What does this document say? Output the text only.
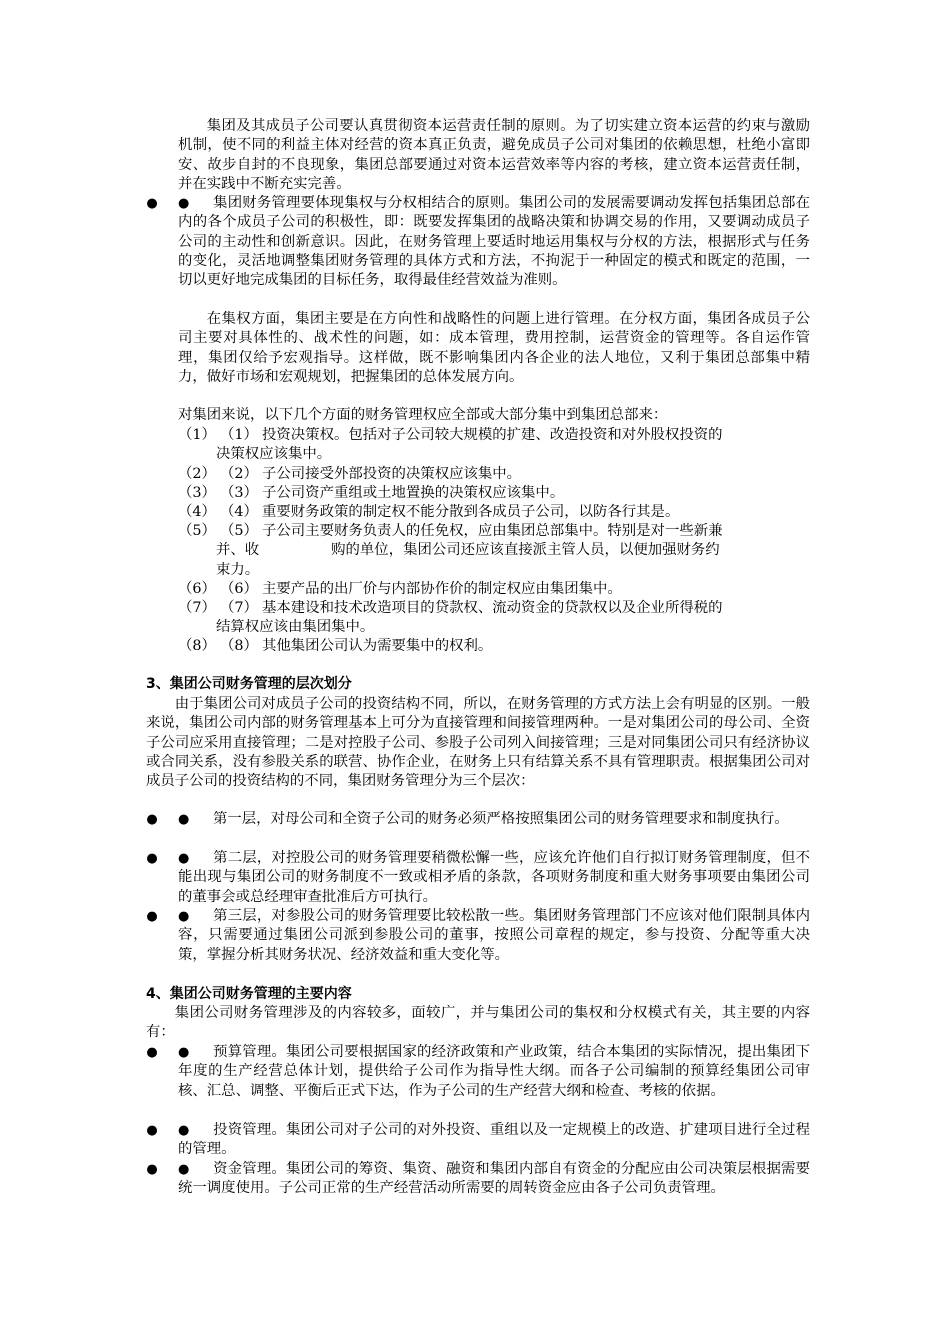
集团及其成员子公司要认真贯彻资本运营责任制的原则。为了切实建立资本运营的约束与激励机制，使不同的利益主体对经营的资本真正负责，避免成员子公司对集团的依赖思想，杜绝小富即安、故步自封的不良现象，集团总部要通过对资本运营效率等内容的考核，建立资本运营责任制，并在实践中不断充实完善。

● ● 集团财务管理要体现集权与分权相结合的原则。集团公司的发展需要调动发挥包括集团总部在内的各个成员子公司的积极性，即：既要发挥集团的战略决策和协调交易的作用，又要调动成员子公司的主动性和创新意识。因此，在财务管理上要适时地运用集权与分权的方法，根据形式与任务的变化，灵活地调整集团财务管理的具体方式和方法，不拘泥于一种固定的模式和既定的范围，一切以更好地完成集团的目标任务，取得最佳经营效益为准则。

在集权方面，集团主要是在方向性和战略性的问题上进行管理。在分权方面，集团各成员子公司主要对具体性的、战术性的问题，如：成本管理，费用控制，运营资金的管理等。各自运作管理，集团仅给予宏观指导。这样做，既不影响集团内各企业的法人地位，又利于集团总部集中精力，做好市场和宏观规划，把握集团的总体发展方向。

对集团来说，以下几个方面的财务管理权应全部或大部分集中到集团总部来：

（1） （1） 投资决策权。包括对子公司较大规模的扩建、改造投资和对外股权投资的
决策权应该集中。
（2） （2） 子公司接受外部投资的决策权应该集中。
（3） （3） 子公司资产重组或土地置换的决策权应该集中。
（4） （4） 重要财务政策的制定权不能分散到各成员子公司，以防各行其是。
（5） （5） 子公司主要财务负责人的任免权，应由集团总部集中。特别是对一些新兼
并、收　　　　　购的单位，集团公司还应该直接派主管人员，以便加强财务约
束力。
（6） （6） 主要产品的出厂价与内部协作价的制定权应由集团集中。
（7） （7） 基本建设和技术改造项目的贷款权、流动资金的贷款权以及企业所得税的
结算权应该由集团集中。
（8） （8） 其他集团公司认为需要集中的权利。

3、集团公司财务管理的层次划分

由于集团公司对成员子公司的投资结构不同，所以，在财务管理的方式方法上会有明显的区别。一般来说，集团公司内部的财务管理基本上可分为直接管理和间接管理两种。一是对集团公司的母公司、全资子公司应采用直接管理；二是对控股子公司、参股子公司列入间接管理；三是对同集团公司只有经济协议或合同关系，没有参股关系的联营、协作企业，在财务上只有结算关系不具有管理职责。根据集团公司对成员子公司的投资结构的不同，集团财务管理分为三个层次：

● ● 第一层，对母公司和全资子公司的财务必须严格按照集团公司的财务管理要求和制度执行。

● ● 第二层，对控股公司的财务管理要稍微松懈一些，应该允许他们自行拟订财务管理制度，但不能出现与集团公司的财务制度不一致或相矛盾的条款，各项财务制度和重大财务事项要由集团公司的董事会或总经理审查批准后方可执行。

● ● 第三层，对参股公司的财务管理要比较松散一些。集团财务管理部门不应该对他们限制具体内容，只需要通过集团公司派到参股公司的董事，按照公司章程的规定，参与投资、分配等重大决策，掌握分析其财务状况、经济效益和重大变化等。

4、集团公司财务管理的主要内容

集团公司财务管理涉及的内容较多，面较广，并与集团公司的集权和分权模式有关，其主要的内容有：

● ● 预算管理。集团公司要根据国家的经济政策和产业政策，结合本集团的实际情况，提出集团下年度的生产经营总体计划，提供给子公司作为指导性大纲。而各子公司编制的预算经集团公司审核、汇总、调整、平衡后正式下达，作为子公司的生产经营大纲和检查、考核的依据。

● ● 投资管理。集团公司对子公司的对外投资、重组以及一定规模上的改造、扩建项目进行全过程的管理。

● ● 资金管理。集团公司的筹资、集资、融资和集团内部自有资金的分配应由公司决策层根据需要统一调度使用。子公司正常的生产经营活动所需要的周转资金应由各子公司负责管理。
